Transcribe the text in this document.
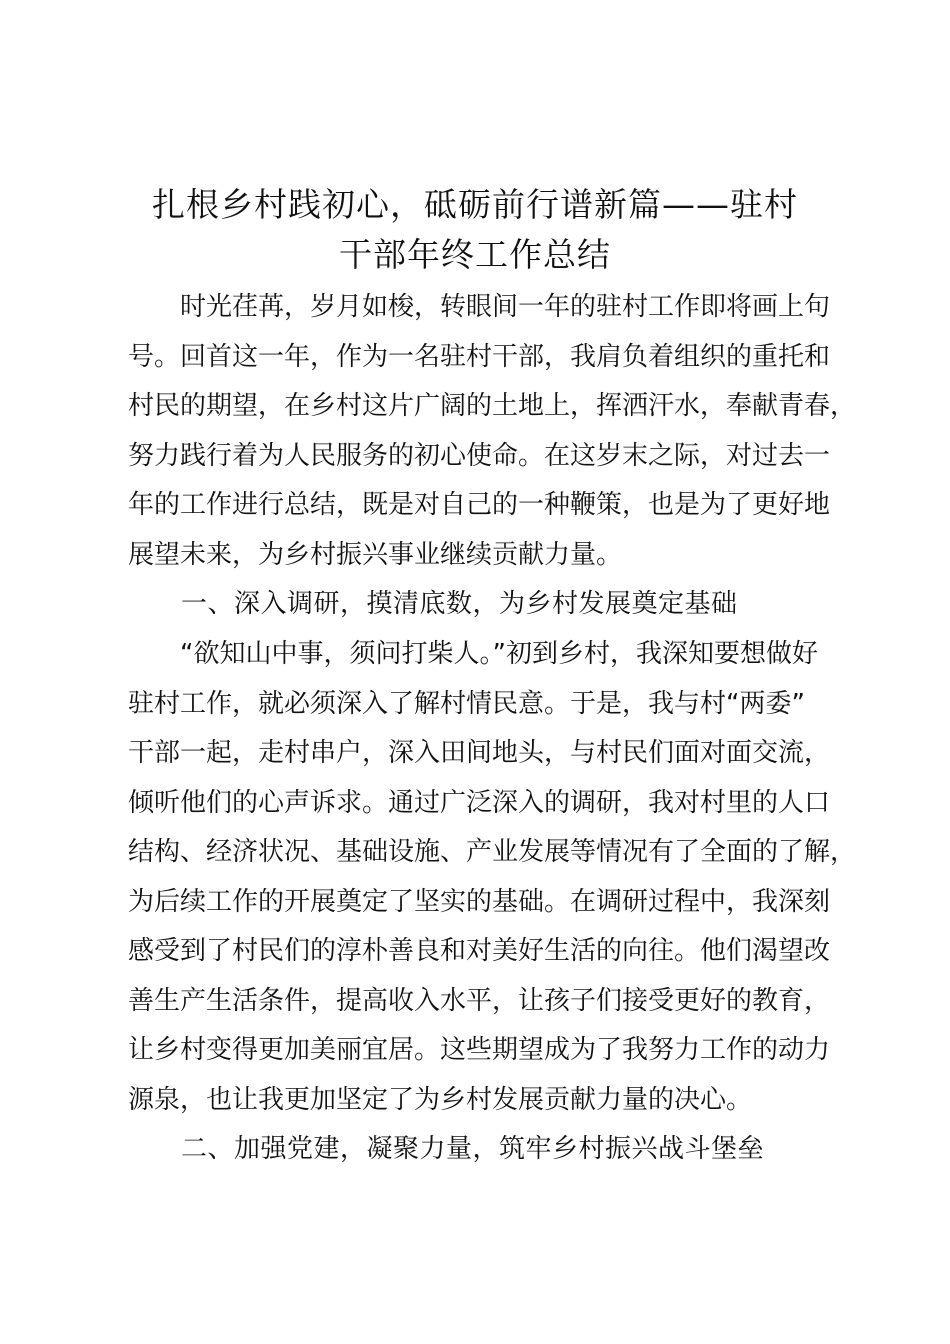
扎根乡村践初心，砥砺前行谱新篇——驻村
干部年终工作总结

　　时光荏苒，岁月如梭，转眼间一年的驻村工作即将画上句
号。回首这一年，作为一名驻村干部，我肩负着组织的重托和
村民的期望，在乡村这片广阔的土地上，挥洒汗水，奉献青春，
努力践行着为人民服务的初心使命。在这岁末之际，对过去一
年的工作进行总结，既是对自己的一种鞭策，也是为了更好地
展望未来，为乡村振兴事业继续贡献力量。

　　一、深入调研，摸清底数，为乡村发展奠定基础

　　“欲知山中事，须问打柴人。”初到乡村，我深知要想做好
驻村工作，就必须深入了解村情民意。于是，我与村“两委”
干部一起，走村串户，深入田间地头，与村民们面对面交流，
倾听他们的心声诉求。通过广泛深入的调研，我对村里的人口
结构、经济状况、基础设施、产业发展等情况有了全面的了解，
为后续工作的开展奠定了坚实的基础。在调研过程中，我深刻
感受到了村民们的淳朴善良和对美好生活的向往。他们渴望改
善生产生活条件，提高收入水平，让孩子们接受更好的教育，
让乡村变得更加美丽宜居。这些期望成为了我努力工作的动力
源泉，也让我更加坚定了为乡村发展贡献力量的决心。

　　二、加强党建，凝聚力量，筑牢乡村振兴战斗堡垒
